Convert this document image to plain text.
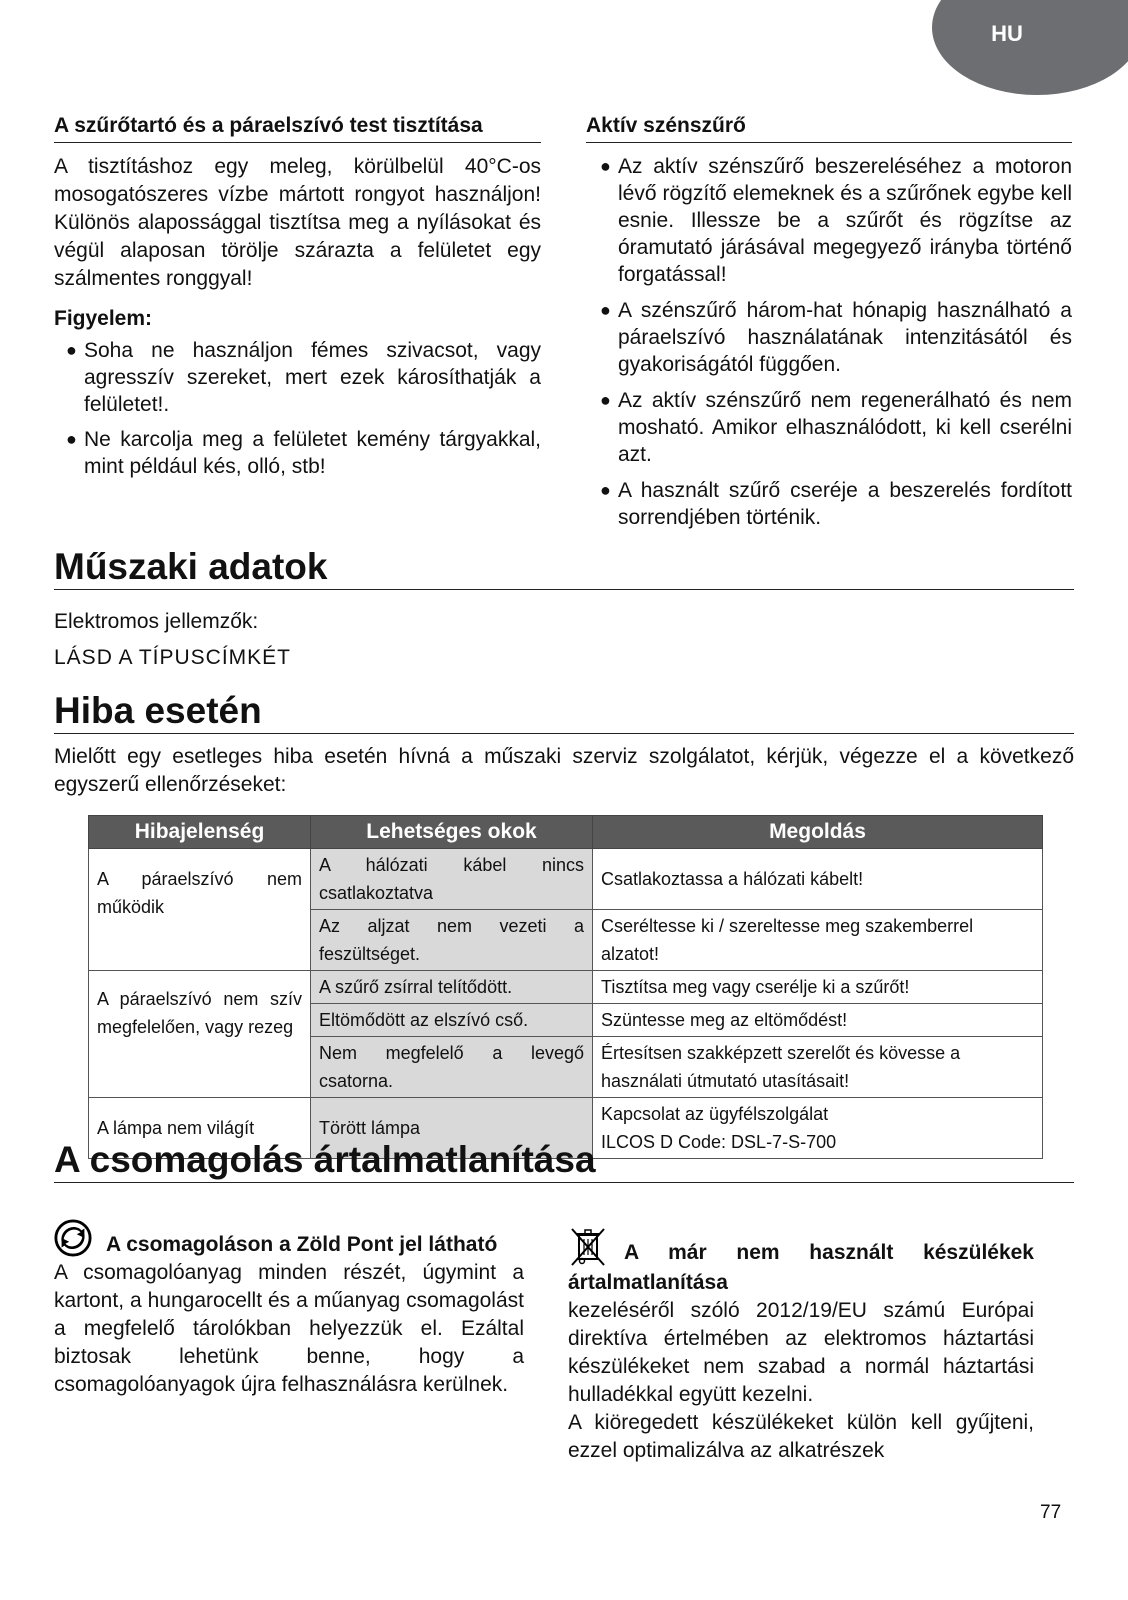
HU
A szűrőtartó és a páraelszívó test tisztítása
A tisztításhoz egy meleg, körülbelül 40°C-os mosogatószeres vízbe mártott rongyot használjon! Különös alapossággal tisztítsa meg a nyílásokat és végül alaposan törölje szárazta a felületet egy szálmentes ronggyal!
Figyelem:
● Soha ne használjon fémes szivacsot, vagy agresszív szereket, mert ezek károsíthatják a felületet!.
● Ne karcolja meg a felületet kemény tárgyakkal, mint például kés, olló, stb!
Aktív szénszűrő
● Az aktív szénszűrő beszereléséhez a motoron lévő rögzítő elemeknek és a szűrőnek egybe kell esnie. Illessze be a szűrőt és rögzítse az óramutató járásával megegyező irányba történő forgatással!
● A szénszűrő három-hat hónapig használható a páraelszívó használatának intenzitásától és gyakoriságától függően.
● Az aktív szénszűrő nem regenerálható és nem mosható. Amikor elhasználódott, ki kell cserélni azt.
● A használt szűrő cseréje a beszerelés fordított sorrendjében történik.
Műszaki adatok
Elektromos jellemzők:
LÁSD A TÍPUSCÍMKÉT
Hiba esetén
Mielőtt egy esetleges hiba esetén hívná a műszaki szerviz szolgálatot, kérjük, végezze el a következő egyszerű ellenőrzéseket:
Hibajelenség	Lehetséges okok	Megoldás
A páraelszívó nem működik	A hálózati kábel nincs csatlakoztatva	Csatlakoztassa a hálózati kábelt!
	Az aljzat nem vezeti a feszültséget.	Cseréltesse ki / szereltesse meg szakemberrel alzatot!
A páraelszívó nem szív megfelelően, vagy rezeg	A szűrő zsírral telítődött.	Tisztítsa meg vagy cserélje ki a szűrőt!
	Eltömődött az elszívó cső.	Szüntesse meg az eltömődést!
	Nem megfelelő a levegő csatorna.	Értesítsen szakképzett szerelőt és kövesse a használati útmutató utasításait!
A lámpa nem világít	Törött lámpa	Kapcsolat az ügyfélszolgálat
ILCOS D Code: DSL-7-S-700
A csomagolás ártalmatlanítása
A csomagoláson a Zöld Pont jel látható
A csomagolóanyag minden részét, úgymint a kartont, a hungarocellt és a műanyag csomagolást a megfelelő tárolókban helyezzük el. Ezáltal biztosak lehetünk benne, hogy a csomagolóanyagok újra felhasználásra kerülnek.
A már nem használt készülékek ártalmatlanítása
kezeléséről szóló 2012/19/EU számú Európai direktíva értelmében az elektromos háztartási készülékeket nem szabad a normál háztartási hulladékkal együtt kezelni.
A kiöregedett készülékeket külön kell gyűjteni, ezzel optimalizálva az alkatrészek
77
